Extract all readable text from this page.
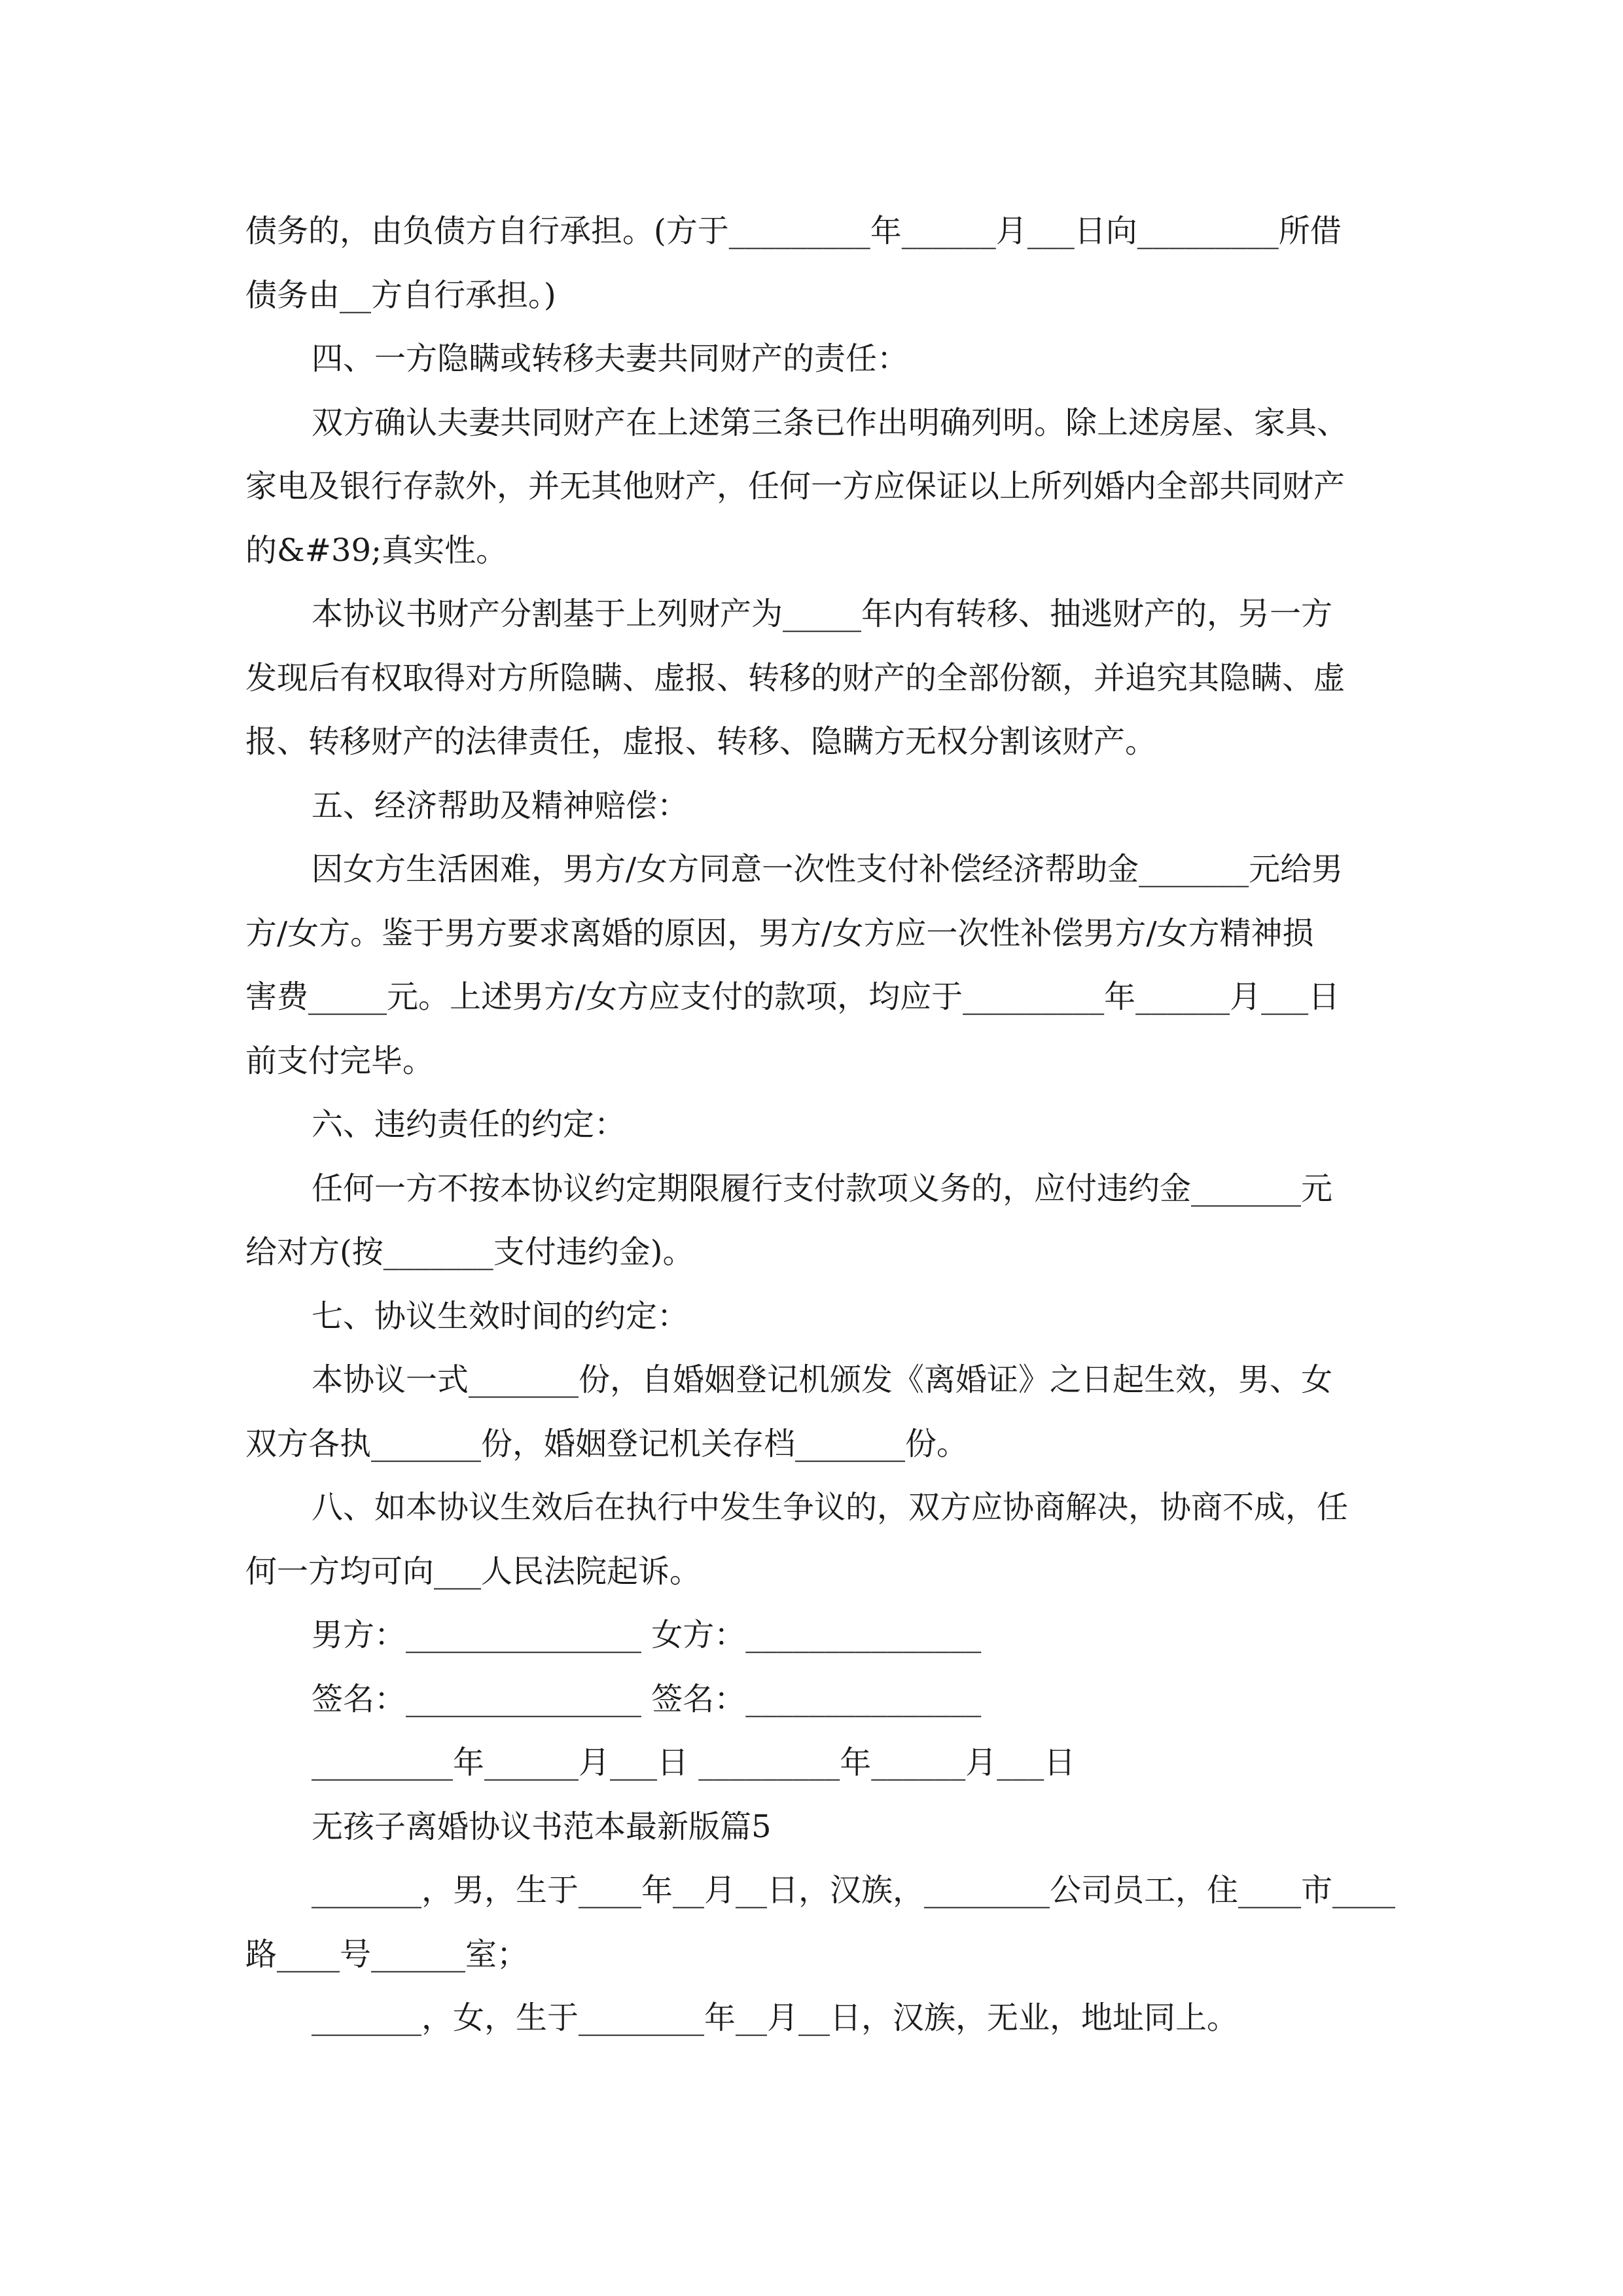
债务的，由负债方自行承担。(方于_________年______月___日向_________所借
债务由__方自行承担。)
四、一方隐瞒或转移夫妻共同财产的责任：
双方确认夫妻共同财产在上述第三条已作出明确列明。除上述房屋、家具、
家电及银行存款外，并无其他财产，任何一方应保证以上所列婚内全部共同财产
的&#39;真实性。
本协议书财产分割基于上列财产为_____年内有转移、抽逃财产的，另一方
发现后有权取得对方所隐瞒、虚报、转移的财产的全部份额，并追究其隐瞒、虚
报、转移财产的法律责任，虚报、转移、隐瞒方无权分割该财产。
五、经济帮助及精神赔偿：
因女方生活困难，男方/女方同意一次性支付补偿经济帮助金_______元给男
方/女方。鉴于男方要求离婚的原因，男方/女方应一次性补偿男方/女方精神损
害费_____元。上述男方/女方应支付的款项，均应于_________年______月___日
前支付完毕。
六、违约责任的约定：
任何一方不按本协议约定期限履行支付款项义务的，应付违约金_______元
给对方(按_______支付违约金)。
七、协议生效时间的约定：
本协议一式_______份，自婚姻登记机颁发《离婚证》之日起生效，男、女
双方各执_______份，婚姻登记机关存档_______份。
八、如本协议生效后在执行中发生争议的，双方应协商解决，协商不成，任
何一方均可向___人民法院起诉。
男方：_______________ 女方：_______________
签名：_______________ 签名：_______________
_________年______月___日 _________年______月___日
无孩子离婚协议书范本最新版篇5
_______，男，生于____年__月__日，汉族，________公司员工，住____市____
路____号______室；
_______，女，生于________年__月__日，汉族，无业，地址同上。
